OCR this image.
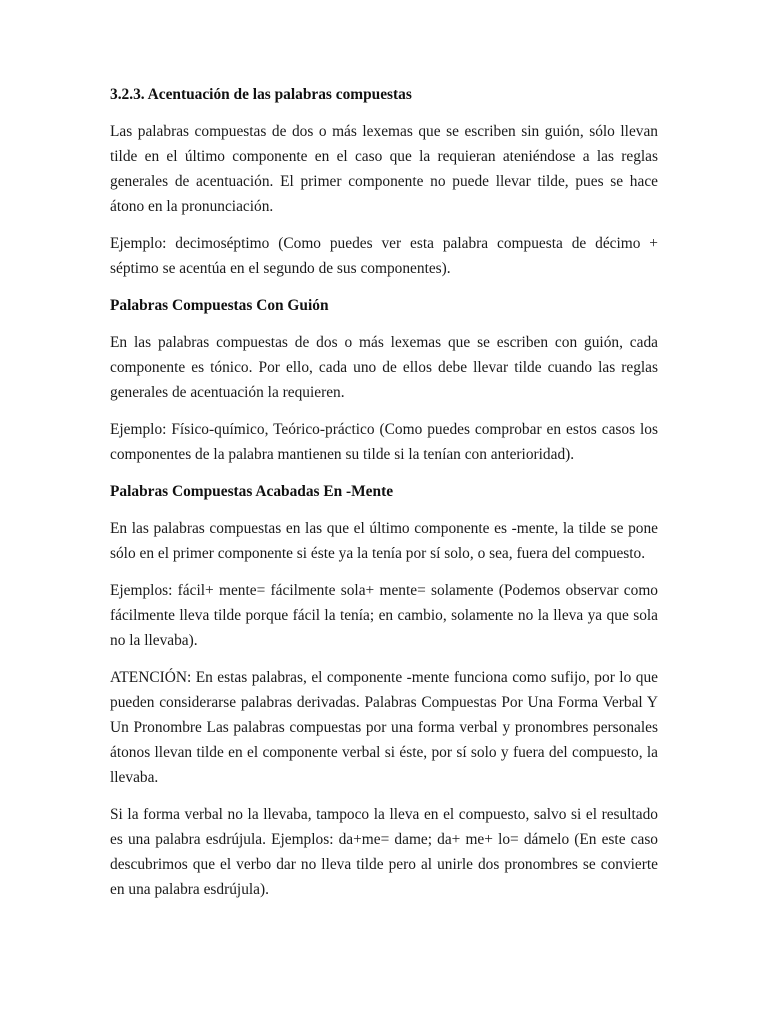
3.2.3. Acentuación de las palabras compuestas

Las palabras compuestas de dos o más lexemas que se escriben sin guión, sólo llevan tilde en el último componente en el caso que la requieran ateniéndose a las reglas generales de acentuación. El primer componente no puede llevar tilde, pues se hace átono en la pronunciación.

Ejemplo: decimoséptimo (Como puedes ver esta palabra compuesta de décimo + séptimo se acentúa en el segundo de sus componentes).

Palabras Compuestas Con Guión

En las palabras compuestas de dos o más lexemas que se escriben con guión, cada componente es tónico. Por ello, cada uno de ellos debe llevar tilde cuando las reglas generales de acentuación la requieren.

Ejemplo: Físico-químico, Teórico-práctico (Como puedes comprobar en estos casos los componentes de la palabra mantienen su tilde si la tenían con anterioridad).

Palabras Compuestas Acabadas En -Mente

En las palabras compuestas en las que el último componente es -mente, la tilde se pone sólo en el primer componente si éste ya la tenía por sí solo, o sea, fuera del compuesto.

Ejemplos: fácil+ mente= fácilmente sola+ mente= solamente (Podemos observar como fácilmente lleva tilde porque fácil la tenía; en cambio, solamente no la lleva ya que sola no la llevaba).

ATENCIÓN: En estas palabras, el componente -mente funciona como sufijo, por lo que pueden considerarse palabras derivadas. Palabras Compuestas Por Una Forma Verbal Y Un Pronombre Las palabras compuestas por una forma verbal y pronombres personales átonos llevan tilde en el componente verbal si éste, por sí solo y fuera del compuesto, la llevaba.

Si la forma verbal no la llevaba, tampoco la lleva en el compuesto, salvo si el resultado es una palabra esdrújula. Ejemplos: da+me= dame; da+ me+ lo= dámelo (En este caso descubrimos que el verbo dar no lleva tilde pero al unirle dos pronombres se convierte en una palabra esdrújula).
